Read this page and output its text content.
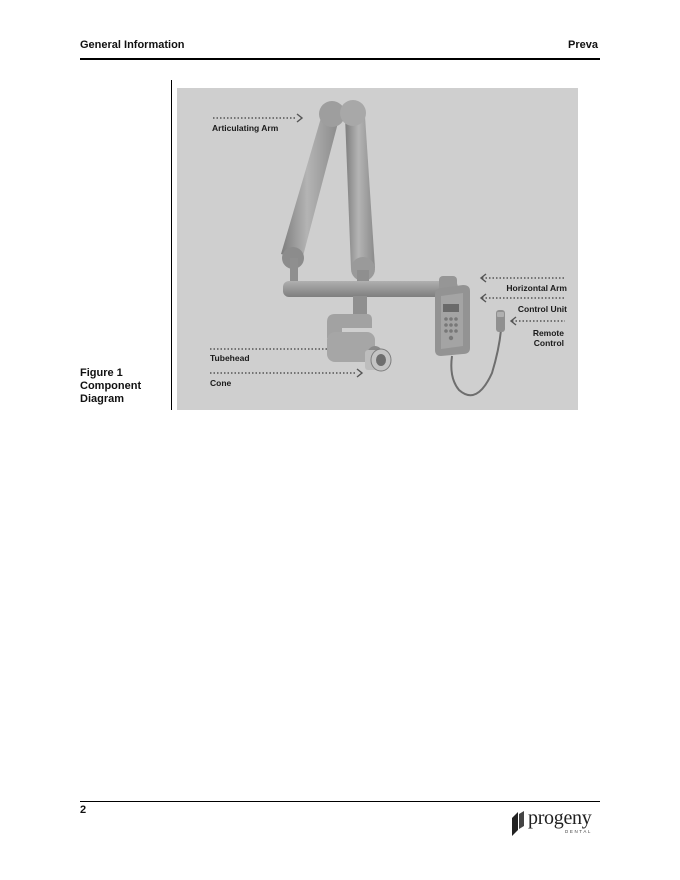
General Information	Preva
Figure 1
Component
Diagram
Articulating Arm
Horizontal Arm
Control Unit
Remote
Control
Tubehead
Cone
2	progeny
DENTAL
